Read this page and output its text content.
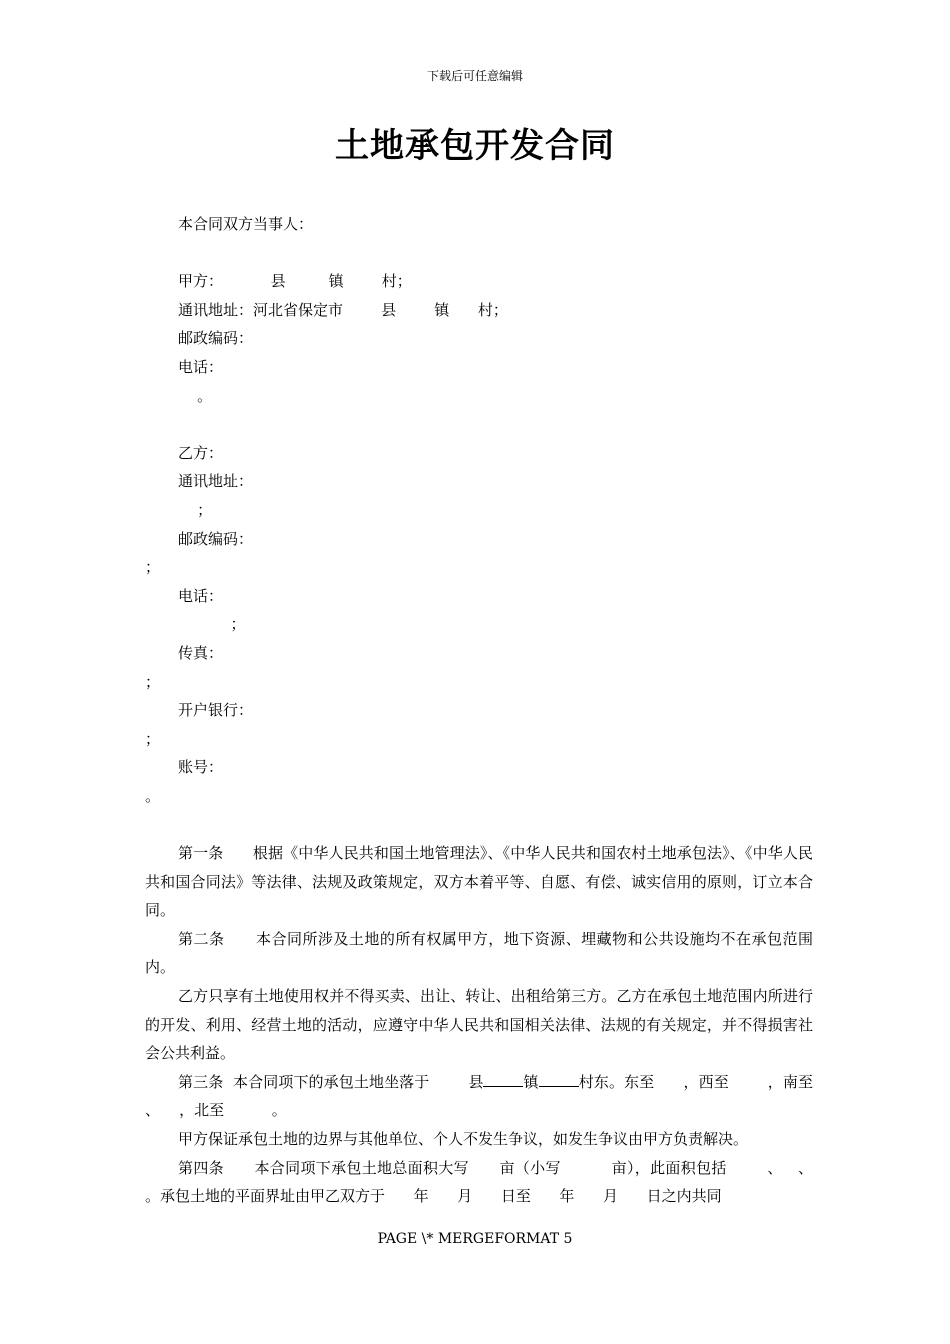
下载后可任意编辑
土地承包开发合同

本合同双方当事人：

甲方：          县         镇        村；

通讯地址：河北省保定市        县        镇      村；

邮政编码：

电话：

。

乙方：

通讯地址：

；

邮政编码：

；

电话：

；

传真：

；

开户银行：

；

账号：

。

第一条      根据《中华人民共和国土地管理法》、《中华人民共和国农村土地承包法》、《中华人民共和国合同法》等法律、法规及政策规定，双方本着平等、自愿、有偿、诚实信用的原则，订立本合同。

第二条      本合同所涉及土地的所有权属甲方，地下资源、埋藏物和公共设施均不在承包范围内。

乙方只享有土地使用权并不得买卖、出让、转让、出租给第三方。乙方在承包土地范围内所进行的开发、利用、经营土地的活动，应遵守中华人民共和国相关法律、法规的有关规定，并不得损害社会公共利益。

第三条  本合同项下的承包土地坐落于        县	镇	村东。东至      ，西至        ，南至      、    ，北至          。

甲方保证承包土地的边界与其他单位、个人不发生争议，如发生争议由甲方负责解决。

第四条      本合同项下承包土地总面积大写      亩（小写          亩），此面积包括        、   、      。承包土地的平面界址由甲乙双方于      年      月      日至      年      月      日之内共同

PAGE \* MERGEFORMAT 5
